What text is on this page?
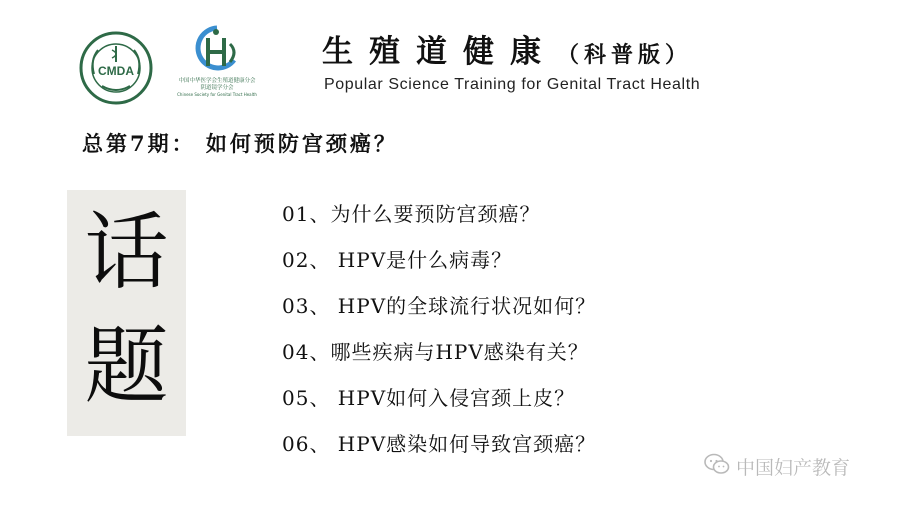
CMDA
中国中华医学会生殖道健康分会
阴道镜学分会
Chinese Society for Genital Tract Health
生殖道健康（科普版）
Popular Science Training for Genital Tract Health
总第7期： 如何预防宫颈癌？
话
题
01、为什么要预防宫颈癌？
02、 HPV是什么病毒？
03、 HPV的全球流行状况如何？
04、哪些疾病与HPV感染有关？
05、 HPV如何入侵宫颈上皮？
06、 HPV感染如何导致宫颈癌？
中国妇产教育
